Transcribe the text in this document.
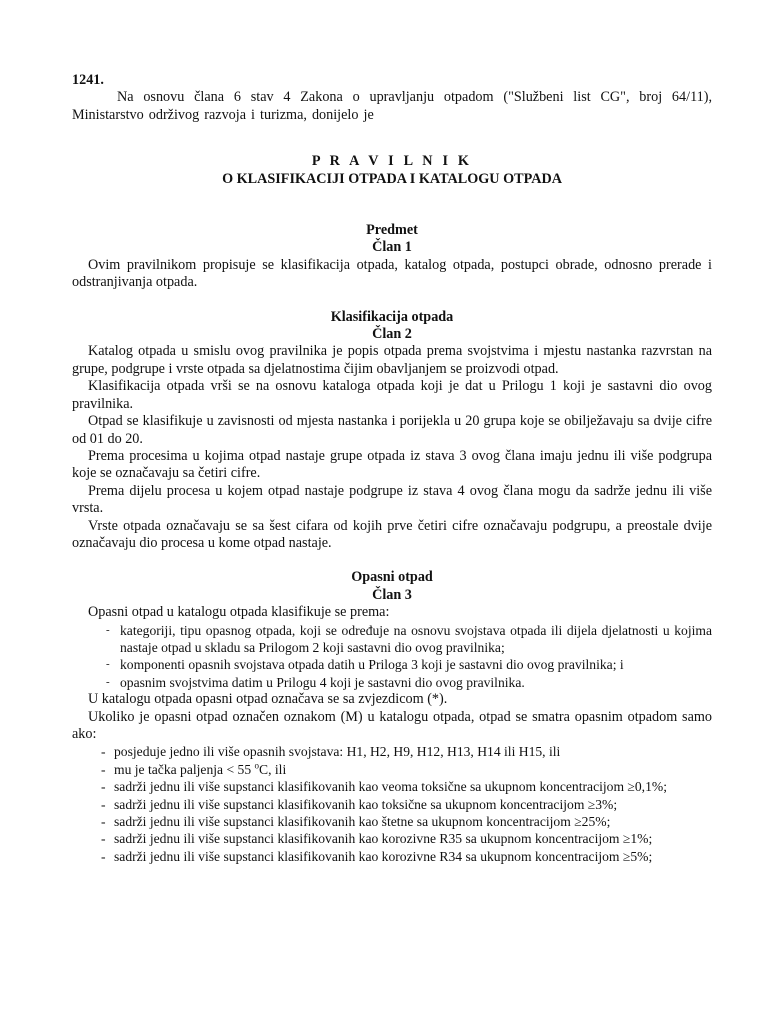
1241.

Na osnovu člana 6 stav 4 Zakona o upravljanju otpadom ("Službeni list CG", broj 64/11), Ministarstvo održivog razvoja i turizma, donijelo je

P R A V I L N I K
O KLASIFIKACIJI OTPADA I KATALOGU OTPADA
Predmet
Član 1

Ovim pravilnikom propisuje se klasifikacija otpada, katalog otpada, postupci obrade, odnosno prerade i odstranjivanja otpada.

Klasifikacija otpada
Član 2

Katalog otpada u smislu ovog pravilnika je popis otpada prema svojstvima i mjestu nastanka razvrstan na grupe, podgrupe i vrste otpada sa djelatnostima čijim obavljanjem se proizvodi otpad.

Klasifikacija otpada vrši se na osnovu kataloga otpada koji je dat u Prilogu 1 koji je sastavni dio ovog pravilnika.

Otpad se klasifikuje u zavisnosti od mjesta nastanka i porijekla u 20 grupa koje se obilježavaju sa dvije cifre od 01 do 20.

Prema procesima u kojima otpad nastaje grupe otpada iz stava 3 ovog člana imaju jednu ili više podgrupa koje se označavaju sa četiri cifre.

Prema dijelu procesa u kojem otpad nastaje podgrupe iz stava 4 ovog člana mogu da sadrže jednu ili više vrsta.

Vrste otpada označavaju se sa šest cifara od kojih prve četiri cifre označavaju podgrupu, a preostale dvije označavaju dio procesa u kome otpad nastaje.

Opasni otpad
Član 3

Opasni otpad u katalogu otpada klasifikuje se prema:

- kategoriji, tipu opasnog otpada, koji se određuje na osnovu svojstava otpada ili dijela djelatnosti u kojima nastaje otpad u skladu sa Prilogom 2 koji sastavni dio ovog pravilnika;
- komponenti opasnih svojstava otpada datih u Priloga 3 koji je sastavni dio ovog pravilnika; i
- opasnim svojstvima datim u Prilogu 4 koji je sastavni dio ovog pravilnika.

U katalogu otpada opasni otpad označava se sa zvjezdicom (*).

Ukoliko je opasni otpad označen oznakom (M) u katalogu otpada, otpad se smatra opasnim otpadom samo ako:

- posjeduje jedno ili više opasnih svojstava: H1, H2, H9, H12, H13, H14 ili H15, ili
- mu je tačka paljenja < 55 $^o$C, ili
- sadrži jednu ili više supstanci klasifikovanih kao veoma toksične sa ukupnom koncentracijom ≥0,1%;
- sadrži jednu ili više supstanci klasifikovanih kao toksične sa ukupnom koncentracijom ≥3%;
- sadrži jednu ili više supstanci klasifikovanih kao štetne sa ukupnom koncentracijom ≥25%;
- sadrži jednu ili više supstanci klasifikovanih kao korozivne R35 sa ukupnom koncentracijom ≥1%;
- sadrži jednu ili više supstanci klasifikovanih kao korozivne R34 sa ukupnom koncentracijom ≥5%;
